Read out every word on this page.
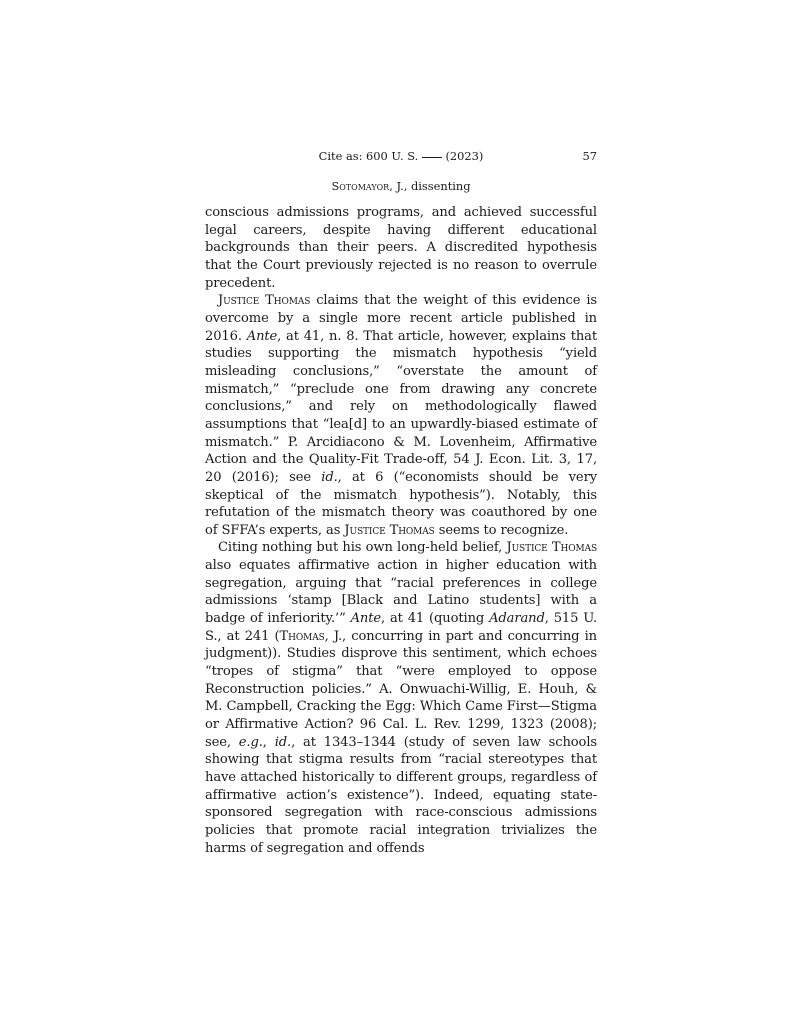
Cite as: 600 U. S.  (2023)	57
Sotomayor, J., dissenting

conscious admissions programs, and achieved successful legal careers, despite having different educational backgrounds than their peers. A discredited hypothesis that the Court previously rejected is no reason to overrule precedent.

Justice Thomas claims that the weight of this evidence is overcome by a single more recent article published in 2016. Ante, at 41, n. 8. That article, however, explains that studies supporting the mismatch hypothesis “yield misleading conclusions,” “overstate the amount of mismatch,” “preclude one from drawing any concrete conclusions,” and rely on methodologically flawed assumptions that “lea[d] to an upwardly-biased estimate of mismatch.” P. Arcidiacono & M. Lovenheim, Affirmative Action and the Quality-Fit Trade-off, 54 J. Econ. Lit. 3, 17, 20 (2016); see id., at 6 (“economists should be very skeptical of the mismatch hypothesis”). Notably, this refutation of the mismatch theory was coauthored by one of SFFA’s experts, as Justice Thomas seems to recognize.

Citing nothing but his own long-held belief, Justice Thomas also equates affirmative action in higher education with segregation, arguing that “racial preferences in college admissions ‘stamp [Black and Latino students] with a badge of inferiority.’” Ante, at 41 (quoting Adarand, 515 U. S., at 241 (Thomas, J., concurring in part and concurring in judgment)). Studies disprove this sentiment, which echoes “tropes of stigma” that “were employed to oppose Reconstruction policies.” A. Onwuachi-Willig, E. Houh, & M. Campbell, Cracking the Egg: Which Came First—Stigma or Affirmative Action? 96 Cal. L. Rev. 1299, 1323 (2008); see, e.g., id., at 1343–1344 (study of seven law schools showing that stigma results from “racial stereotypes that have attached historically to different groups, regardless of affirmative action’s existence”). Indeed, equating state-sponsored segregation with race-conscious admissions policies that promote racial integration trivializes the harms of segregation and offends
